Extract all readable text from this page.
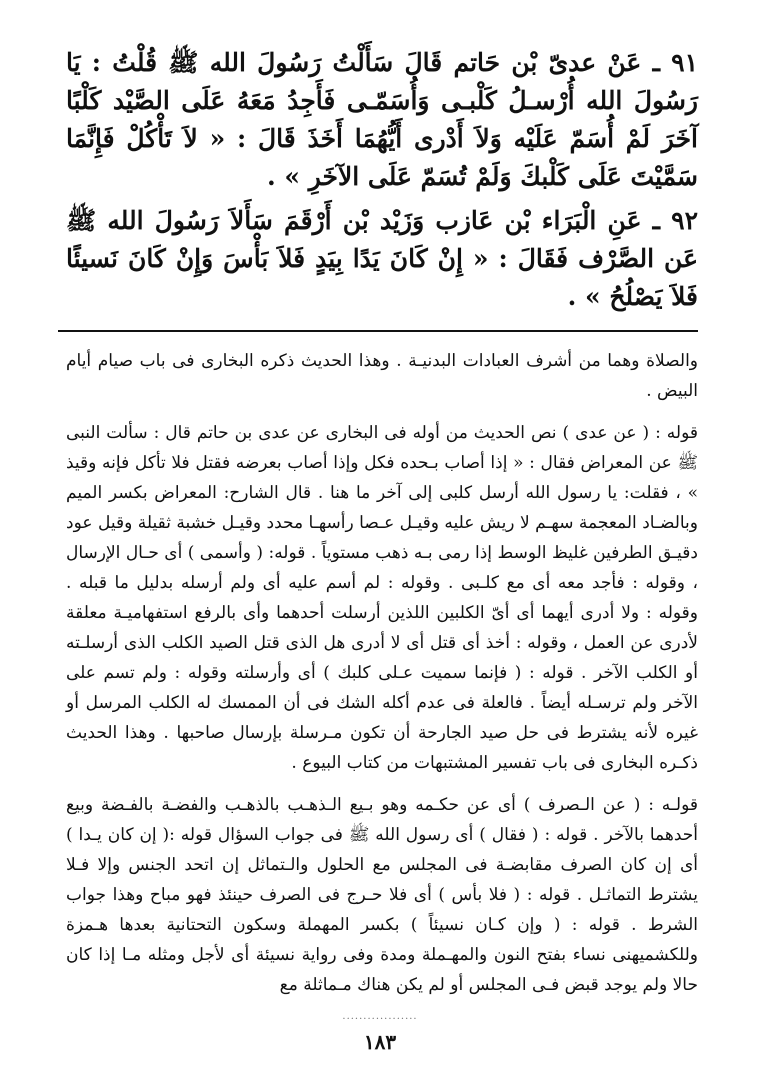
٩١ ـ عَنْ عدىّ بْن حَاتم قَالَ سَأَلْتُ رَسُولَ الله ﷺ قُلْتُ : يَا رَسُولَ الله أُرْسـلُ كَلْبـى وَأُسَمّـى فَأَجِدُ مَعَهُ عَلَى الصَّيْد كَلْبًا آخَرَ لَمْ أُسَمّ عَلَيْه وَلاَ أَدْرى أَيُّهُمَا أَخَذَ قَالَ : « لاَ تَأْكُلْ فَإِنَّمَا سَمَّيْتَ عَلَى كَلْبكَ وَلَمْ تُسَمّ عَلَى الآخَرِ » .

٩٢ ـ عَنِ الْبَرَاء بْن عَازب وَزَيْد بْن أَرْقَمَ سَأَلاَ رَسُولَ الله ﷺ عَن الصَّرْف فَقَالَ : « إِنْ كَانَ يَدًا بِيَدٍ فَلاَ بَأْسَ وَإِنْ كَانَ نَسيئًا فَلاَ يَصْلُحُ » .

والصلاة وهما من أشرف العبادات البدنيـة . وهذا الحديث ذكره البخارى فى باب صيام أيام البيض .

قوله : ( عن عدى ) نص الحديث من أوله فى البخارى عن عدى بن حاتم قال : سألت النبى ﷺ عن المعراض فقال : « إذا أصاب بـحده فكل وإذا أصاب بعرضه فقتل فلا تأكل فإنه وقيذ » ، فقلت: يا رسول الله أرسل كلبى إلى آخر ما هنا . قال الشارح: المعراض بكسر الميم وبالضـاد المعجمة سهـم لا ريش عليه وقيـل عـصا رأسهـا محدد وقيـل خشبة ثقيلة وقيل عود دقيـق الطرفين غليظ الوسط إذا رمى بـه ذهب مستوياً . قوله: ( وأسمى ) أى حـال الإرسال ، وقوله : فأجد معه أى مع كلـبى . وقوله : لم أسم عليه أى ولم أرسله بدليل ما قبله . وقوله : ولا أدرى أيهما أى أىّ الكلبين اللذين أرسلت أحدهما وأى بالرفع استفهاميـة معلقة لأدرى عن العمل ، وقوله : أخذ أى قتل أى لا أدرى هل الذى قتل الصيد الكلب الذى أرسلـته أو الكلب الآخر . قوله : ( فإنما سميت عـلى كلبك ) أى وأرسلته وقوله : ولم تسم على الآخر ولم ترسـله أيضاً . فالعلة فى عدم أكله الشك فى أن الممسك له الكلب المرسل أو غيره لأنه يشترط فى حل صيد الجارحة أن تكون مـرسلة بإرسال صاحبها . وهذا الحديث ذكـره البخارى فى باب تفسير المشتبهات من كتاب البيوع .

قولـه : ( عن الـصرف ) أى عن حكـمه وهو بـيع الـذهـب بالذهـب والفضـة بالفـضة وبيع أحدهما بالآخر . قوله : ( فقال ) أى رسول الله ﷺ فى جواب السؤال قوله :( إن كان يـدا ) أى إن كان الصرف مقابضـة فى المجلس مع الحلول والـتماثل إن اتحد الجنس وإلا فـلا يشترط التماثـل . قوله : ( فلا بأس ) أى فلا حـرج فى الصرف حينئذ فهو مباح وهذا جواب الشرط . قوله : ( وإن كـان نسيئاً ) بكسر المهملة وسكون التحتانية بعدها هـمزة وللكشميهنى نساء بفتح النون والمهـملة ومدة وفى رواية نسيئة أى لأجل ومثله مـا إذا كان حالا ولم يوجد قبض فـى المجلس أو لم يكن هناك مـماثلة مع

··················
١٨٣
